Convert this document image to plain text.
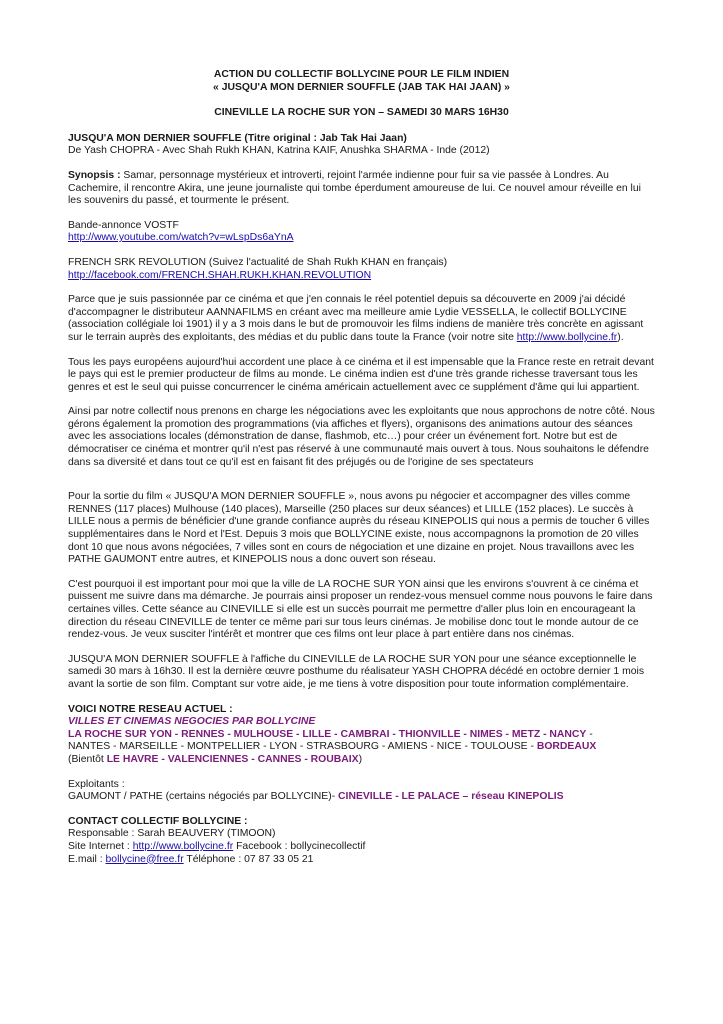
ACTION DU COLLECTIF BOLLYCINE POUR LE FILM INDIEN

« JUSQU'A MON DERNIER SOUFFLE (JAB TAK HAI JAAN) »

CINEVILLE LA ROCHE SUR YON – SAMEDI 30 MARS 16H30

JUSQU'A MON DERNIER SOUFFLE (Titre original : Jab Tak Hai Jaan)

De Yash CHOPRA - Avec Shah Rukh KHAN, Katrina KAIF, Anushka SHARMA - Inde (2012)

Synopsis : Samar, personnage mystérieux et introverti, rejoint l'armée indienne pour fuir sa vie passée à Londres. Au Cachemire, il rencontre Akira, une jeune journaliste qui tombe éperdument amoureuse de lui. Ce nouvel amour réveille en lui les souvenirs du passé, et tourmente le présent.

Bande-annonce VOSTF

http://www.youtube.com/watch?v=wLspDs6aYnA

FRENCH SRK REVOLUTION (Suivez l'actualité de Shah Rukh KHAN en français)

http://facebook.com/FRENCH.SHAH.RUKH.KHAN.REVOLUTION

Parce que je suis passionnée par ce cinéma et que j'en connais le réel potentiel depuis sa découverte en 2009 j'ai décidé d'accompagner le distributeur AANNAFILMS en créant avec ma meilleure amie Lydie VESSELLA, le collectif BOLLYCINE (association collégiale loi 1901) il y a 3 mois dans le but de promouvoir les films indiens de manière très concrète en agissant sur le terrain auprès des exploitants, des médias et du public dans toute la France (voir notre site http://www.bollycine.fr).

Tous les pays européens aujourd'hui accordent une place à ce cinéma et il est impensable que la France reste en retrait devant le pays qui est le premier producteur de films au monde. Le cinéma indien est d'une très grande richesse traversant tous les genres et est le seul qui puisse concurrencer le cinéma américain actuellement avec ce supplément d'âme qui lui appartient.

Ainsi par notre collectif nous prenons en charge les négociations avec les exploitants que nous approchons de notre côté. Nous gérons également la promotion des programmations (via affiches et flyers), organisons des animations autour des séances avec les associations locales (démonstration de danse, flashmob, etc…) pour créer un événement fort. Notre but est de démocratiser ce cinéma et montrer qu'il n'est pas réservé à une communauté mais ouvert à tous. Nous souhaitons le défendre dans sa diversité et dans tout ce qu'il est en faisant fit des préjugés ou de l'origine de ses spectateurs

Pour la sortie du film « JUSQU'A MON DERNIER SOUFFLE », nous avons pu négocier et accompagner des villes comme RENNES (117 places) Mulhouse (140 places), Marseille (250 places sur deux séances) et LILLE (152 places). Le succès à LILLE nous a permis de bénéficier d'une grande confiance auprès du réseau KINEPOLIS qui nous a permis de toucher 6 villes supplémentaires dans le Nord et l'Est. Depuis 3 mois que BOLLYCINE existe, nous accompagnons la promotion de 20 villes dont 10 que nous avons négociées, 7 villes sont en cours de négociation et une dizaine en projet. Nous travaillons avec les PATHE GAUMONT entre autres, et KINEPOLIS nous a donc ouvert son réseau.

C'est pourquoi il est important pour moi que la ville de LA ROCHE SUR YON ainsi que les environs s'ouvrent à ce cinéma et puissent me suivre dans ma démarche. Je pourrais ainsi proposer un rendez-vous mensuel comme nous pouvons le faire dans certaines villes. Cette séance au CINEVILLE si elle est un succès pourrait me permettre d'aller plus loin en encourageant la direction du réseau CINEVILLE de tenter ce même pari sur tous leurs cinémas. Je mobilise donc tout le monde autour de ce rendez-vous. Je veux susciter l'intérêt et montrer que ces films ont leur place à part entière dans nos cinémas.

JUSQU'A MON DERNIER SOUFFLE à l'affiche du CINEVILLE de LA ROCHE SUR YON pour une séance exceptionnelle le samedi 30 mars à 16h30. Il est la dernière œuvre posthume du réalisateur YASH CHOPRA décédé en octobre dernier 1 mois avant la sortie de son film. Comptant sur votre aide, je me tiens à votre disposition pour toute information complémentaire.

VOICI NOTRE RESEAU ACTUEL :

VILLES ET CINEMAS NEGOCIES PAR BOLLYCINE

LA ROCHE SUR YON - RENNES - MULHOUSE - LILLE - CAMBRAI - THIONVILLE - NIMES - METZ - NANCY -

NANTES - MARSEILLE - MONTPELLIER - LYON - STRASBOURG - AMIENS - NICE - TOULOUSE - BORDEAUX

(Bientôt LE HAVRE - VALENCIENNES - CANNES - ROUBAIX)

Exploitants :

GAUMONT / PATHE (certains négociés par BOLLYCINE)- CINEVILLE - LE PALACE – réseau KINEPOLIS

CONTACT COLLECTIF BOLLYCINE :

Responsable : Sarah BEAUVERY (TIMOON)

Site Internet : http://www.bollycine.fr Facebook : bollycinecollectif

E.mail : bollycine@free.fr Téléphone : 07 87 33 05 21
